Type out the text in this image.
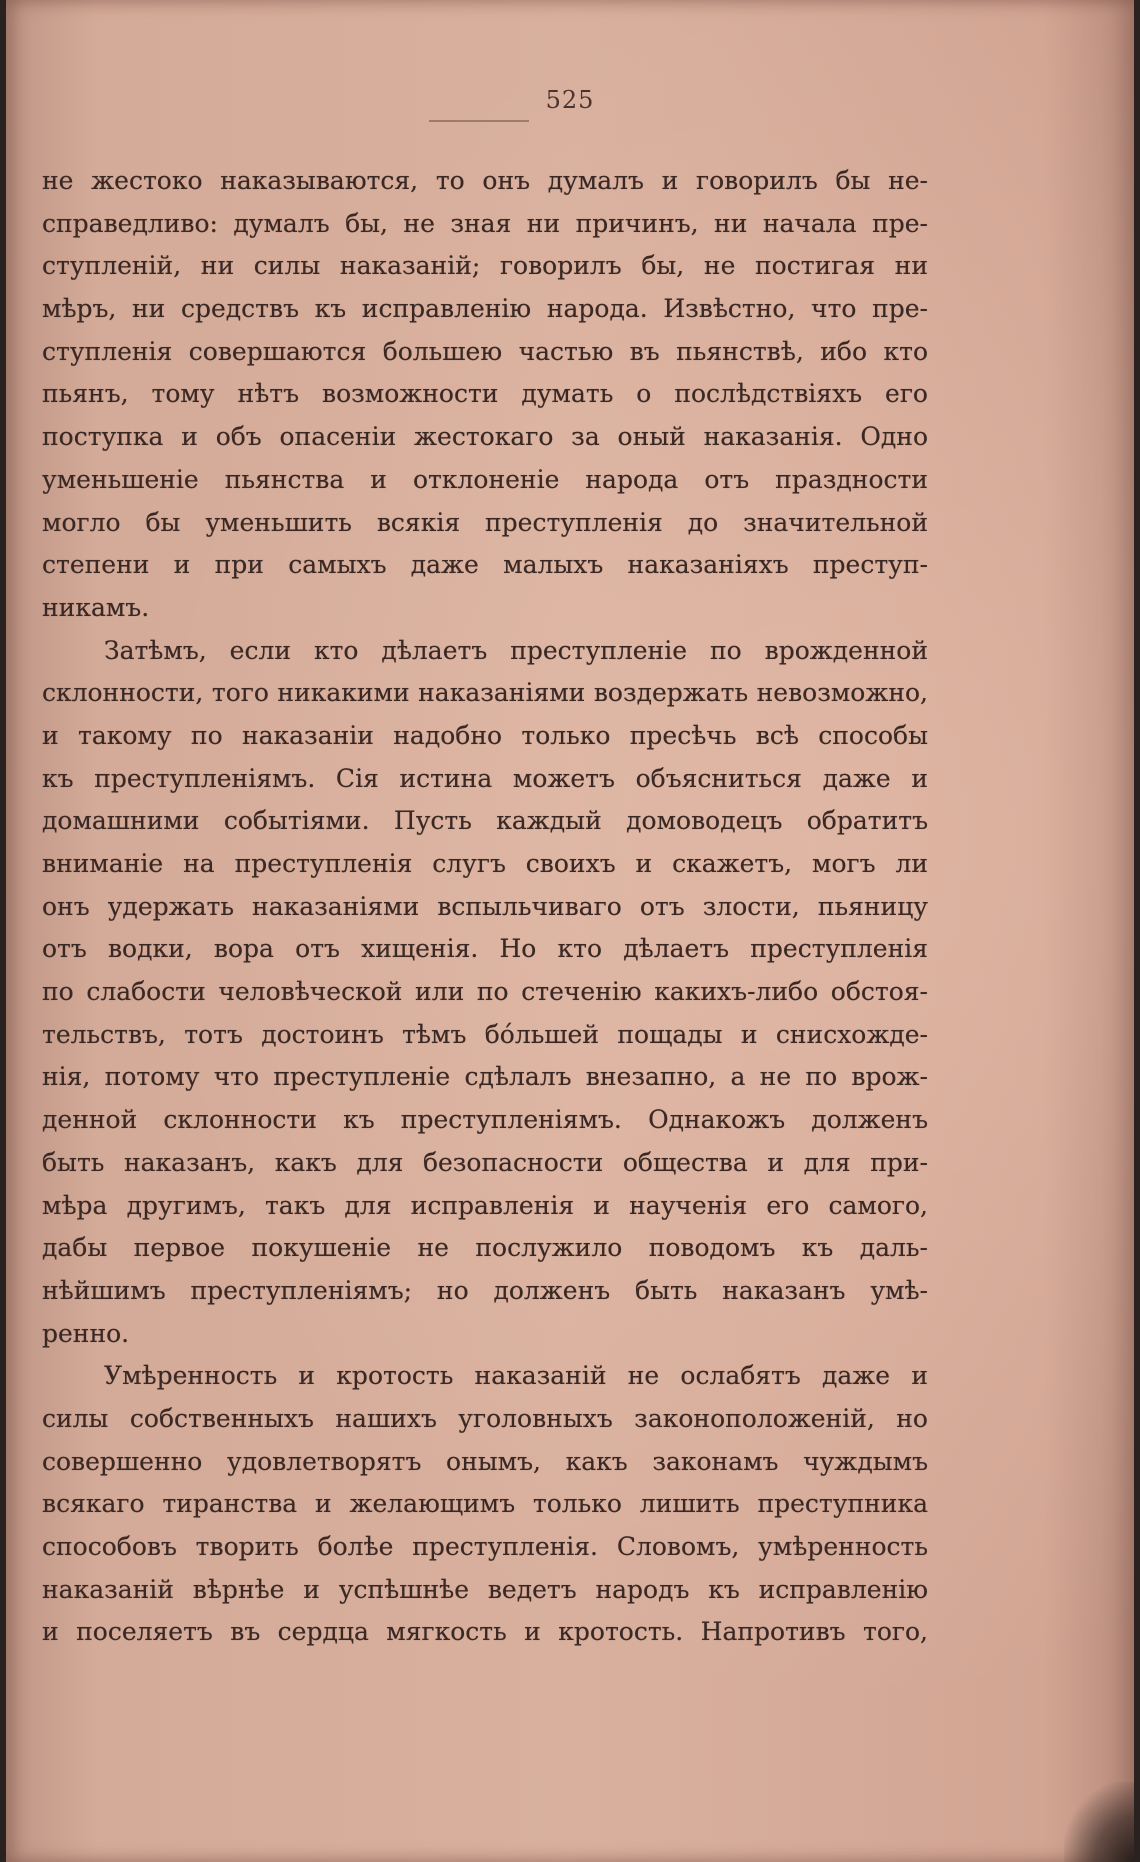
525
не жестоко наказываются, то онъ думалъ и говорилъ бы не-
справедливо: думалъ бы, не зная ни причинъ, ни начала пре-
ступленій, ни силы наказаній; говорилъ бы, не постигая ни
мѣръ, ни средствъ къ исправленію народа. Извѣстно, что пре-
ступленія совершаются большею частью въ пьянствѣ, ибо кто
пьянъ, тому нѣтъ возможности думать о послѣдствіяхъ его
поступка и объ опасеніи жестокаго за оный наказанія. Одно
уменьшеніе пьянства и отклоненіе народа отъ праздности
могло бы уменьшить всякія преступленія до значительной
степени и при самыхъ даже малыхъ наказаніяхъ преступ-
никамъ.
Затѣмъ, если кто дѣлаетъ преступленіе по врожденной
склонности, того никакими наказаніями воздержать невозможно,
и такому по наказаніи надобно только пресѣчь всѣ способы
къ преступленіямъ. Сія истина можетъ объясниться даже и
домашними событіями. Пусть каждый домоводецъ обратитъ
вниманіе на преступленія слугъ своихъ и скажетъ, могъ ли
онъ удержать наказаніями вспыльчиваго отъ злости, пьяницу
отъ водки, вора отъ хищенія. Но кто дѣлаетъ преступленія
по слабости человѣческой или по стеченію какихъ-либо обстоя-
тельствъ, тотъ достоинъ тѣмъ бо́льшей пощады и снисхожде-
нія, потому что преступленіе сдѣлалъ внезапно, а не по врож-
денной склонности къ преступленіямъ. Однакожъ долженъ
быть наказанъ, какъ для безопасности общества и для при-
мѣра другимъ, такъ для исправленія и наученія его самого,
дабы первое покушеніе не послужило поводомъ къ даль-
нѣйшимъ преступленіямъ; но долженъ быть наказанъ умѣ-
ренно.
Умѣренность и кротость наказаній не ослабятъ даже и
силы собственныхъ нашихъ уголовныхъ законоположеній, но
совершенно удовлетворятъ онымъ, какъ законамъ чуждымъ
всякаго тиранства и желающимъ только лишить преступника
способовъ творить болѣе преступленія. Словомъ, умѣренность
наказаній вѣрнѣе и успѣшнѣе ведетъ народъ къ исправленію
и поселяетъ въ сердца мягкость и кротость. Напротивъ того,
